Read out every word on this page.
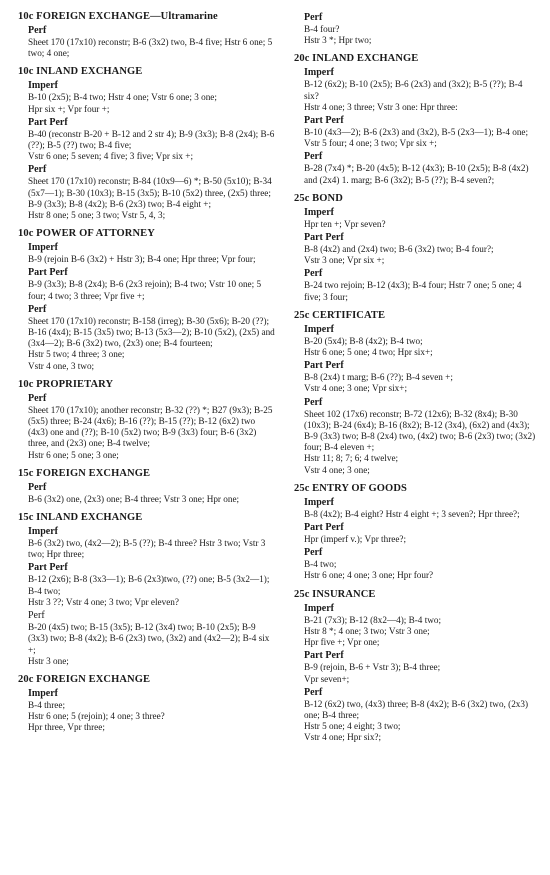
10c FOREIGN EXCHANGE—Ultramarine
Perf
Sheet 170 (17x10) reconstr; B-6 (3x2) two, B-4 five; Hstr 6 one; 5 two; 4 one;
10c INLAND EXCHANGE
Imperf
B-10 (2x5); B-4 two; Hstr 4 one; Vstr 6 one; 3 one;
Hpr six +; Vpr four +;
Part Perf
B-40 (reconstr B-20 + B-12 and 2 str 4); B-9 (3x3); B-8 (2x4); B-6 (??); B-5 (??) two; B-4 five;
Vstr 6 one; 5 seven; 4 five; 3 five; Vpr six +;
Perf
Sheet 170 (17x10) reconstr; B-84 (10x9—6) *; B-50 (5x10); B-34 (5x7—1); B-30 (10x3); B-15 (3x5); B-10 (5x2) three, (2x5) three; B-9 (3x3); B-8 (4x2); B-6 (2x3) two; B-4 eight +;
Hstr 8 one; 5 one; 3 two; Vstr 5, 4, 3;
10c POWER OF ATTORNEY
Imperf
B-9 (rejoin B-6 (3x2) + Hstr 3); B-4 one; Hpr three; Vpr four;
Part Perf
B-9 (3x3); B-8 (2x4); B-6 (2x3 rejoin); B-4 two; Vstr 10 one; 5 four; 4 two; 3 three; Vpr five +;
Perf
Sheet 170 (17x10) reconstr; B-158 (irreg); B-30 (5x6); B-20 (??); B-16 (4x4); B-15 (3x5) two; B-13 (5x3—2); B-10 (5x2), (2x5) and (3x4—2); B-6 (3x2) two, (2x3) one; B-4 fourteen;
Hstr 5 two; 4 three; 3 one;
Vstr 4 one, 3 two;
10c PROPRIETARY
Perf
Sheet 170 (17x10); another reconstr; B-32 (??) *; B27 (9x3); B-25 (5x5) three; B-24 (4x6); B-16 (??); B-15 (??); B-12 (6x2) two (4x3) one and (??); B-10 (5x2) two; B-9 (3x3) four; B-6 (3x2) three, and (2x3) one; B-4 twelve;
Hstr 6 one; 5 one; 3 one;
15c FOREIGN EXCHANGE
Perf
B-6 (3x2) one, (2x3) one; B-4 three; Vstr 3 one; Hpr one;
15c INLAND EXCHANGE
Imperf
B-6 (3x2) two, (4x2—2); B-5 (??); B-4 three? Hstr 3 two; Vstr 3 two; Hpr three;
Part Perf
B-12 (2x6); B-8 (3x3—1); B-6 (2x3)two, (??) one; B-5 (3x2—1); B-4 two;
Hstr 3 ??; Vstr 4 one; 3 two; Vpr eleven?
Perf
B-20 (4x5) two; B-15 (3x5); B-12 (3x4) two; B-10 (2x5); B-9 (3x3) two; B-8 (4x2); B-6 (2x3) two, (3x2) and (4x2—2); B-4 six +;
Hstr 3 one;
20c FOREIGN EXCHANGE
Imperf
B-4 three;
Hstr 6 one; 5 (rejoin); 4 one; 3 three?
Hpr three, Vpr three;
Perf
B-4 four?
Hstr 3 *; Hpr two;
20c INLAND EXCHANGE
Imperf
B-12 (6x2); B-10 (2x5); B-6 (2x3) and (3x2); B-5 (??); B-4 six?
Hstr 4 one; 3 three; Vstr 3 one: Hpr three:
Part Perf
B-10 (4x3—2); B-6 (2x3) and (3x2), B-5 (2x3—1); B-4 one;
Vstr 5 four; 4 one; 3 two; Vpr six +;
Perf
B-28 (7x4) *; B-20 (4x5); B-12 (4x3); B-10 (2x5); B-8 (4x2) and (2x4) 1. marg; B-6 (3x2); B-5 (??); B-4 seven?;
25c BOND
Imperf
Hpr ten +; Vpr seven?
Part Perf
B-8 (4x2) and (2x4) two; B-6 (3x2) two; B-4 four?;
Vstr 3 one; Vpr six +;
Perf
B-24 two rejoin; B-12 (4x3); B-4 four; Hstr 7 one; 5 one; 4 five; 3 four;
25c CERTIFICATE
Imperf
B-20 (5x4); B-8 (4x2); B-4 two;
Hstr 6 one; 5 one; 4 two; Hpr six+;
Part Perf
B-8 (2x4) t marg; B-6 (??); B-4 seven +;
Vstr 4 one; 3 one; Vpr six+;
Perf
Sheet 102 (17x6) reconstr; B-72 (12x6); B-32 (8x4); B-30 (10x3); B-24 (6x4); B-16 (8x2); B-12 (3x4), (6x2) and (4x3); B-9 (3x3) two; B-8 (2x4) two, (4x2) two; B-6 (2x3) two; (3x2) four; B-4 eleven +;
Hstr 11; 8; 7; 6; 4 twelve;
Vstr 4 one; 3 one;
25c ENTRY OF GOODS
Imperf
B-8 (4x2); B-4 eight? Hstr 4 eight +; 3 seven?; Hpr three?;
Part Perf
Hpr (imperf v.); Vpr three?;
Perf
B-4 two;
Hstr 6 one; 4 one; 3 one; Hpr four?
25c INSURANCE
Imperf
B-21 (7x3); B-12 (8x2—4); B-4 two;
Hstr 8 *; 4 one; 3 two; Vstr 3 one;
Hpr five +; Vpr one;
Part Perf
B-9 (rejoin, B-6 + Vstr 3); B-4 three;
Vpr seven+;
Perf
B-12 (6x2) two, (4x3) three; B-8 (4x2); B-6 (3x2) two, (2x3) one; B-4 three;
Hstr 5 one; 4 eight; 3 two;
Vstr 4 one; Hpr six?;
